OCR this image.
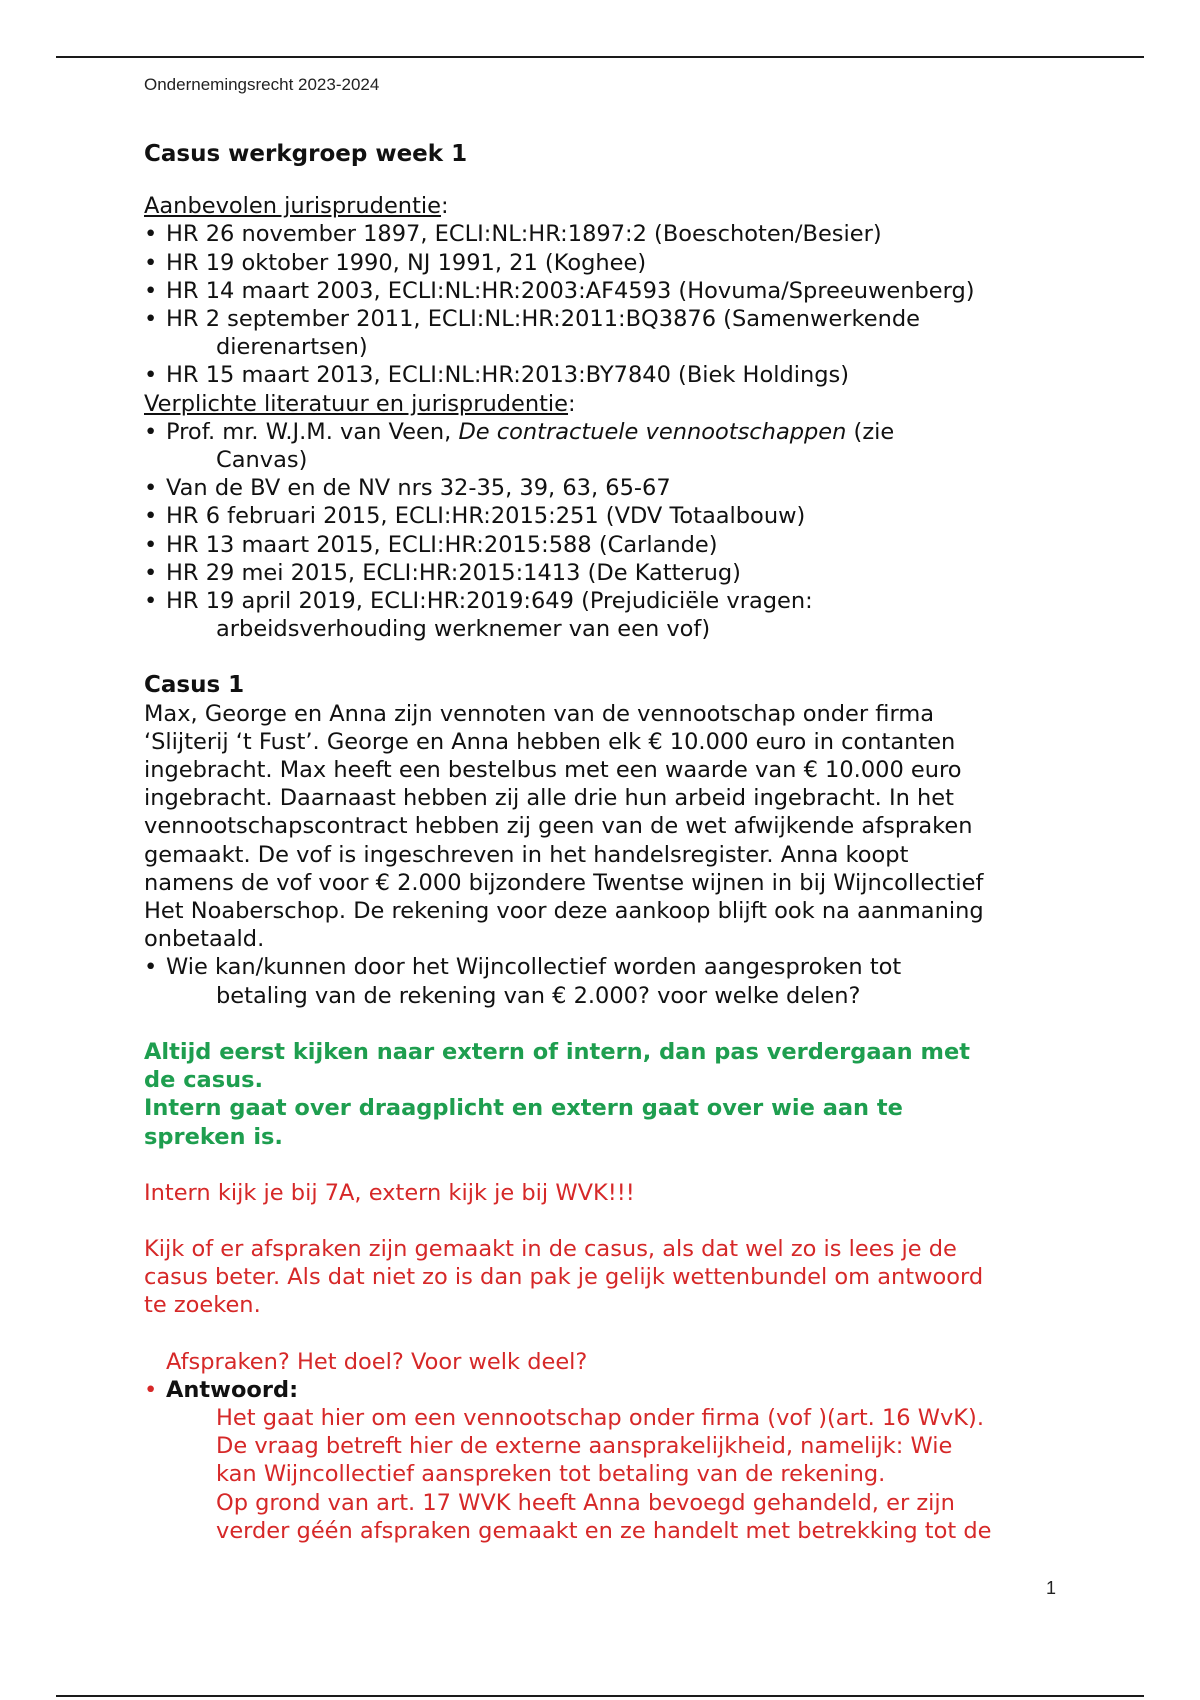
Ondernemingsrecht 2023-2024
Casus werkgroep week 1
Aanbevolen jurisprudentie:
• HR 26 november 1897, ECLI:NL:HR:1897:2 (Boeschoten/Besier)
• HR 19 oktober 1990, NJ 1991, 21 (Koghee)
• HR 14 maart 2003, ECLI:NL:HR:2003:AF4593 (Hovuma/Spreeuwenberg)
• HR 2 september 2011, ECLI:NL:HR:2011:BQ3876 (Samenwerkende
dierenartsen)
• HR 15 maart 2013, ECLI:NL:HR:2013:BY7840 (Biek Holdings)
Verplichte literatuur en jurisprudentie:
• Prof. mr. W.J.M. van Veen, De contractuele vennootschappen (zie
Canvas)
• Van de BV en de NV nrs 32-35, 39, 63, 65-67
• HR 6 februari 2015, ECLI:HR:2015:251 (VDV Totaalbouw)
• HR 13 maart 2015, ECLI:HR:2015:588 (Carlande)
• HR 29 mei 2015, ECLI:HR:2015:1413 (De Katterug)
• HR 19 april 2019, ECLI:HR:2019:649 (Prejudiciële vragen:
arbeidsverhouding werknemer van een vof)
Casus 1
Max, George en Anna zijn vennoten van de vennootschap onder firma
‘Slijterij ‘t Fust’. George en Anna hebben elk € 10.000 euro in contanten
ingebracht. Max heeft een bestelbus met een waarde van € 10.000 euro
ingebracht. Daarnaast hebben zij alle drie hun arbeid ingebracht. In het
vennootschapscontract hebben zij geen van de wet afwijkende afspraken
gemaakt. De vof is ingeschreven in het handelsregister. Anna koopt
namens de vof voor € 2.000 bijzondere Twentse wijnen in bij Wijncollectief
Het Noaberschop. De rekening voor deze aankoop blijft ook na aanmaning
onbetaald.
• Wie kan/kunnen door het Wijncollectief worden aangesproken tot
betaling van de rekening van € 2.000? voor welke delen?
Altijd eerst kijken naar extern of intern, dan pas verdergaan met
de casus.
Intern gaat over draagplicht en extern gaat over wie aan te
spreken is.
Intern kijk je bij 7A, extern kijk je bij WVK!!!
Kijk of er afspraken zijn gemaakt in de casus, als dat wel zo is lees je de
casus beter. Als dat niet zo is dan pak je gelijk wettenbundel om antwoord
te zoeken.
Afspraken? Het doel? Voor welk deel?
• Antwoord:
Het gaat hier om een vennootschap onder firma (vof )(art. 16 WvK).
De vraag betreft hier de externe aansprakelijkheid, namelijk: Wie
kan Wijncollectief aanspreken tot betaling van de rekening.
Op grond van art. 17 WVK heeft Anna bevoegd gehandeld, er zijn
verder géén afspraken gemaakt en ze handelt met betrekking tot de
1
